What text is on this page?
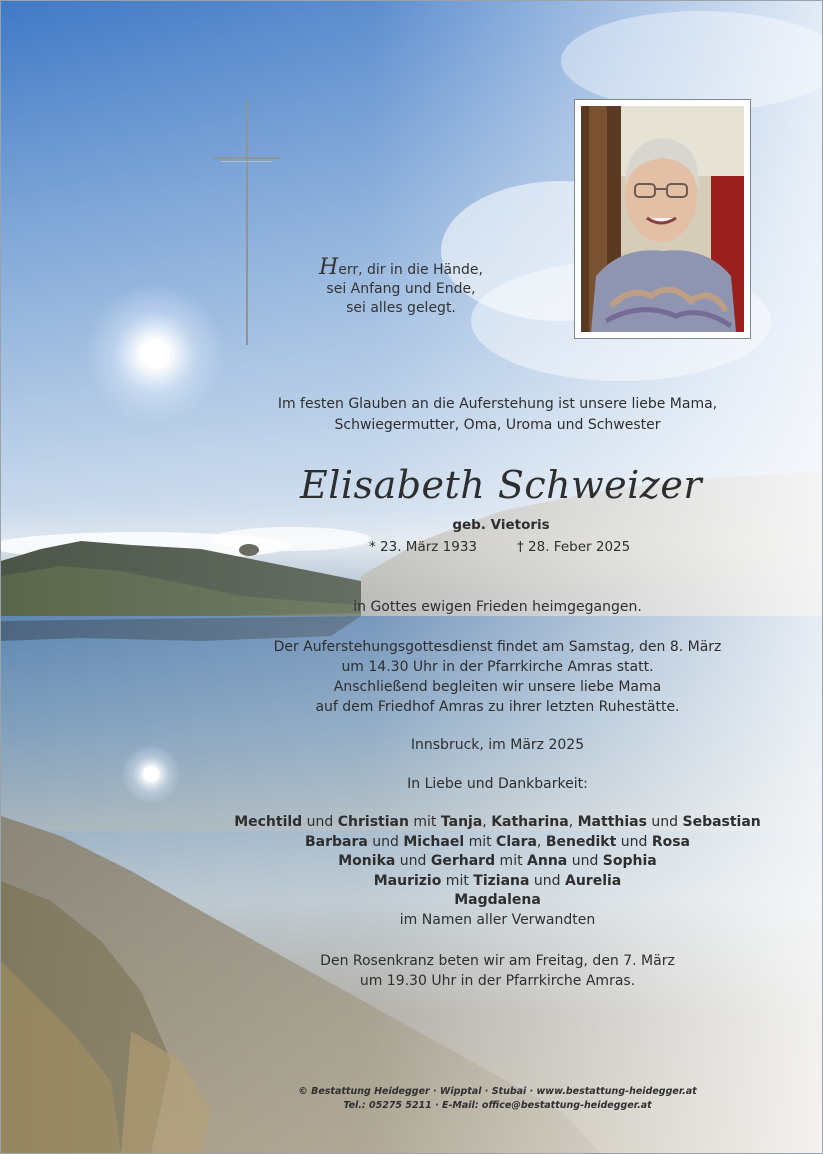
Herr, dir in die Hände,
sei Anfang und Ende,
sei alles gelegt.
Im festen Glauben an die Auferstehung ist unsere liebe Mama,
Schwiegermutter, Oma, Uroma und Schwester
Elisabeth Schweizer
geb. Vietoris
* 23. März 1933	† 28. Feber 2025
in Gottes ewigen Frieden heimgegangen.
Der Auferstehungsgottesdienst findet am Samstag, den 8. März
um 14.30 Uhr in der Pfarrkirche Amras statt.
Anschließend begleiten wir unsere liebe Mama
auf dem Friedhof Amras zu ihrer letzten Ruhestätte.
Innsbruck, im März 2025
In Liebe und Dankbarkeit:
Mechtild und Christian mit Tanja, Katharina, Matthias und Sebastian
Barbara und Michael mit Clara, Benedikt und Rosa
Monika und Gerhard mit Anna und Sophia
Maurizio mit Tiziana und Aurelia
Magdalena
im Namen aller Verwandten
Den Rosenkranz beten wir am Freitag, den 7. März
um 19.30 Uhr in der Pfarrkirche Amras.
© Bestattung Heidegger · Wipptal · Stubai · www.bestattung-heidegger.at
Tel.: 05275 5211 · E-Mail: office@bestattung-heidegger.at
